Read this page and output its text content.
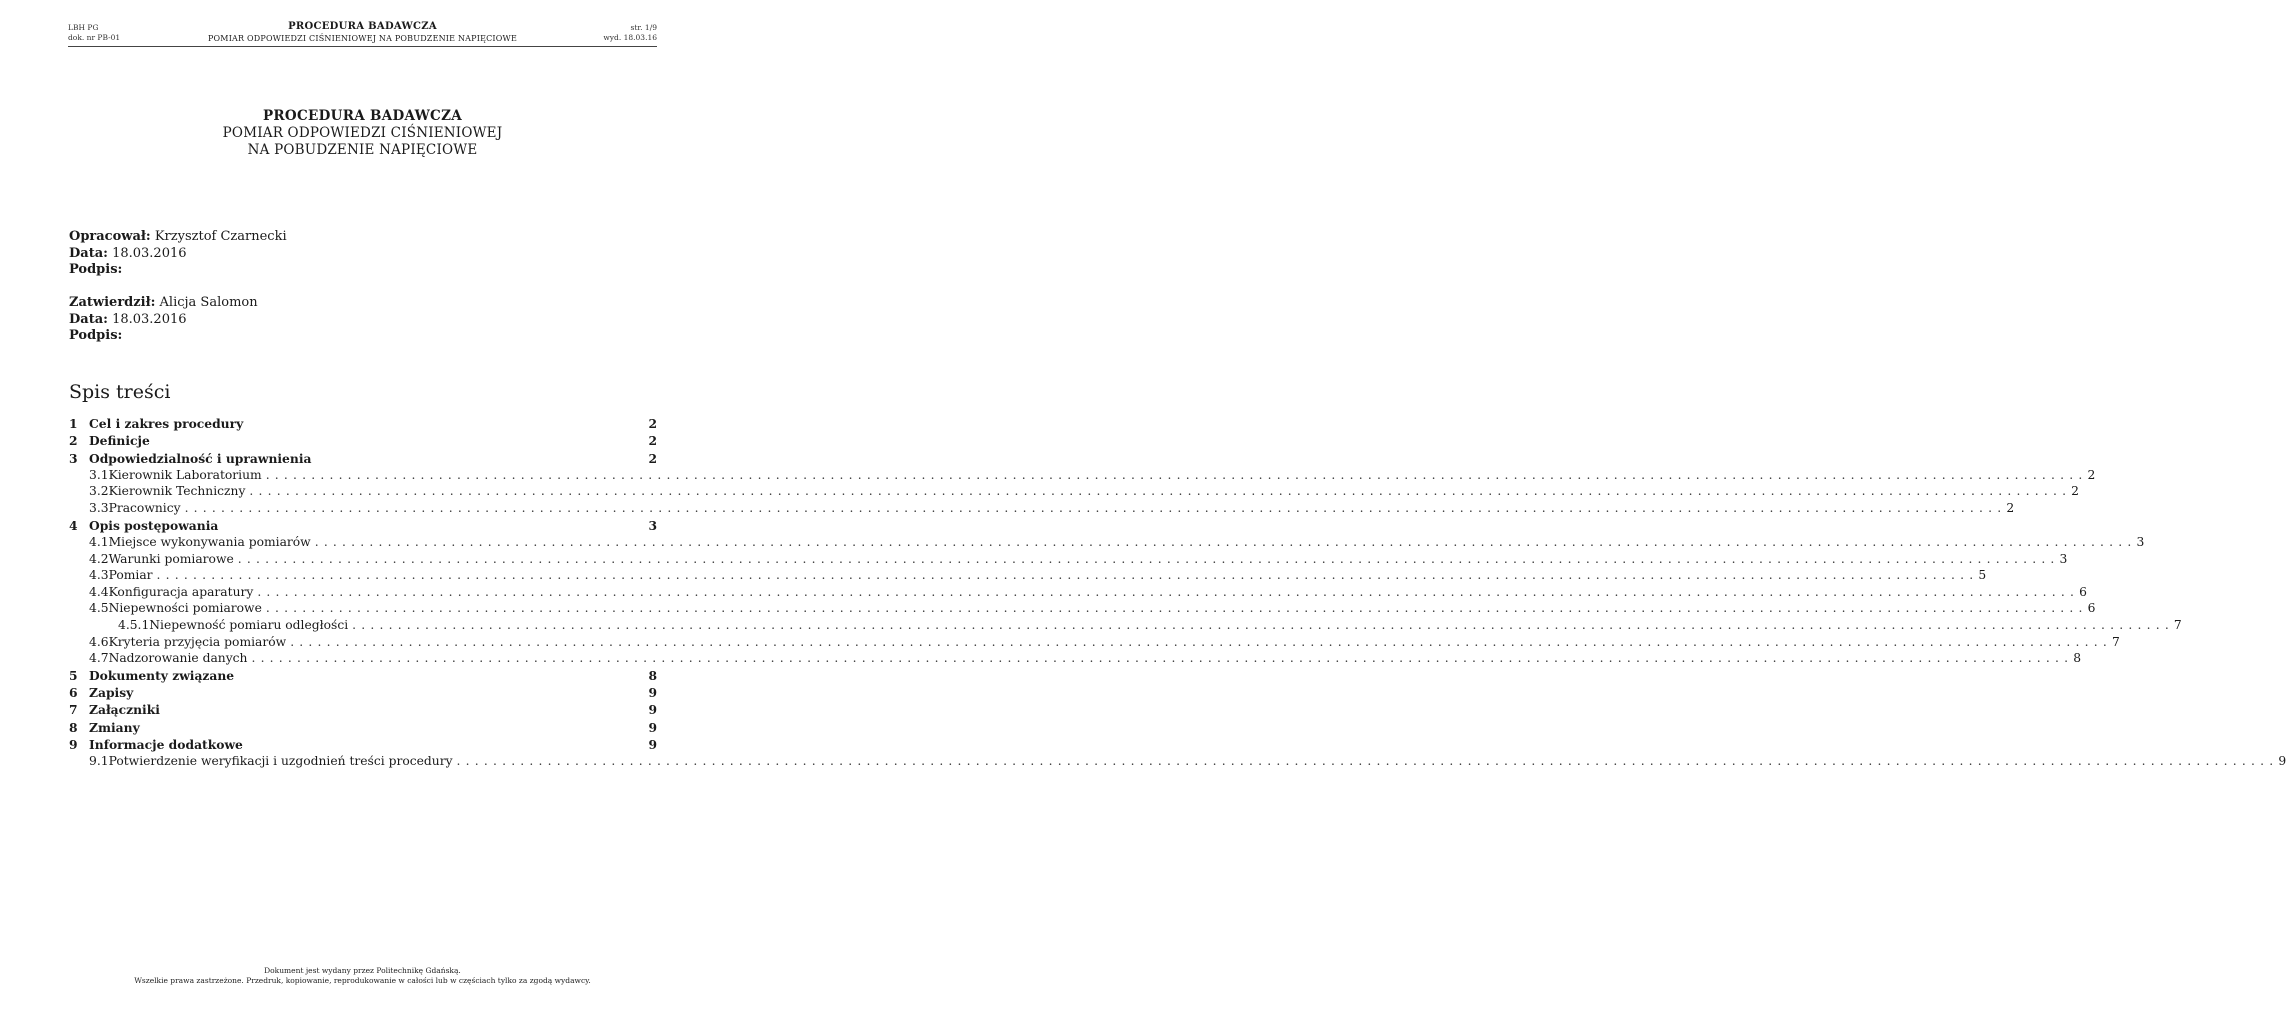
LBH PG
dok. nr PB-01
PROCEDURA BADAWCZA
POMIAR ODPOWIEDZI CIŚNIENIOWEJ NA POBUDZENIE NAPIĘCIOWE
str. 1/9
wyd. 18.03.16
PROCEDURA BADAWCZA
POMIAR ODPOWIEDZI CIŚNIENIOWEJ
NA POBUDZENIE NAPIĘCIOWE
Opracował: Krzysztof Czarnecki
Data: 18.03.2016
Podpis:
Zatwierdził: Alicja Salomon
Data: 18.03.2016
Podpis:
Spis treści
1 Cel i zakres procedury	2
2 Definicje	2
3 Odpowiedzialność i uprawnienia	2
3.1 Kierownik Laboratorium ........................................................................................................................................................................................................ 2
3.2 Kierownik Techniczny ........................................................................................................................................................................................................ 2
3.3 Pracownicy ........................................................................................................................................................................................................ 2
4 Opis postępowania	3
4.1 Miejsce wykonywania pomiarów ........................................................................................................................................................................................................ 3
4.2 Warunki pomiarowe ........................................................................................................................................................................................................ 3
4.3 Pomiar ........................................................................................................................................................................................................ 5
4.4 Konfiguracja aparatury ........................................................................................................................................................................................................ 6
4.5 Niepewności pomiarowe ........................................................................................................................................................................................................ 6
4.5.1 Niepewność pomiaru odległości ........................................................................................................................................................................................................ 7
4.6 Kryteria przyjęcia pomiarów ........................................................................................................................................................................................................ 7
4.7 Nadzorowanie danych ........................................................................................................................................................................................................ 8
5 Dokumenty związane	8
6 Zapisy	9
7 Załączniki	9
8 Zmiany	9
9 Informacje dodatkowe	9
9.1 Potwierdzenie weryfikacji i uzgodnień treści procedury ........................................................................................................................................................................................................ 9
Dokument jest wydany przez Politechnikę Gdańską.
Wszelkie prawa zastrzeżone. Przedruk, kopiowanie, reprodukowanie w całości lub w częściach tylko za zgodą wydawcy.
